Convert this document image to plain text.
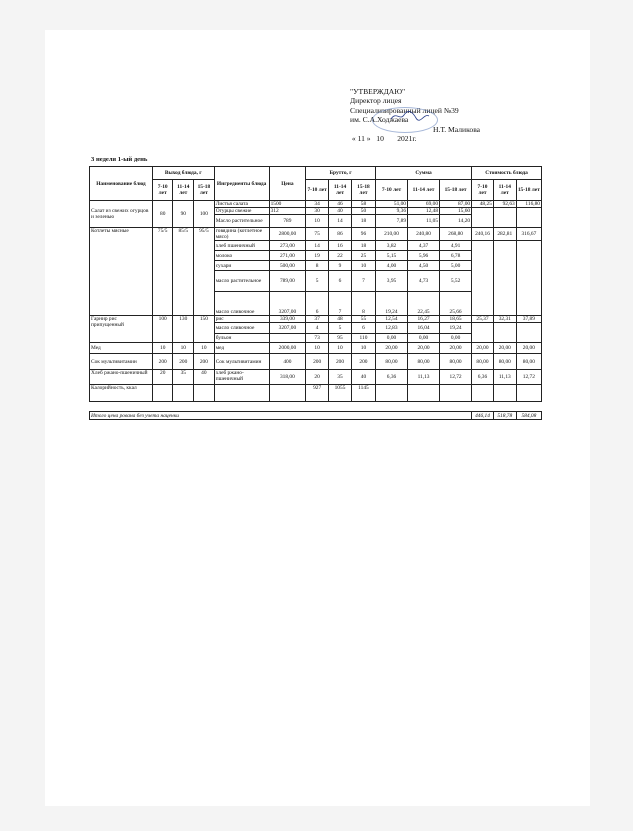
"УТВЕРЖДАЮ"
Директор лицея
Специализированный лицей №39
им. С.А.Ходжаева

Н.Т. Маликова
« 11 »   10 2021г.
3 неделя 1-ый день
Наименование блюд	Выход блюда, г			Ингредиенты блюда	Цена	Брутто, г			Сумма			Стоимость блюда		
	7-10 лет	11-14 лет	15-18 лет			7-10 лет	11-14 лет	15-18 лет	7-10 лет	11-14 лет	15-18 лет	7-10 лет	11-14 лет	15-18 лет
Салат из свежих огурцов и зеленью	80	90	100	Листья салата	1500	34	46	58	51,00	69,00	87,00	48,25	92,63	116,80
				Огурцы свежие	312	30	40	50	9,36	12,48	15,60			
				Масло растительное	789	10	14	18	7,89	11,05	14,20			
Котлеты мясные	75/5	85/5	95/5	говядина (котлетное мясо)	2800,00	75	86	96	210,00	240,80	268,80	240,16	282,81	316,67
				хлеб пшеничный	273,00	14	16	18	3,82	4,37	4,91			
				молоко	271,00	19	22	25	5,15	5,96	6,78			
				сухари	500,00	8	9	10	4,00	4,50	5,00			
				масло растительное	789,00	5	6	7	3,95	4,73	5,52			
				масло сливочное	3207,00	6	7	8	19,24	22,45	25,66			
Гарнир рис припущенный	100	130	150	рис	339,00	37	48	55	12,54	16,27	18,65	25,37	32,31	37,89
				масло сливочное	3207,00	4	5	6	12,83	16,04	19,24			
				бульон		73	95	110	0,00	0,00	0,00			
Мед	10	10	10	мед	2000,00	10	10	10	20,00	20,00	20,00	20,00	20,00	20,00
Сок мультивитамин	200	200	200	Сок мультивитамин	400	200	200	200	80,00	80,00	80,00	80,00	80,00	80,00
Хлеб ржано-пшеничный	20	35	40	хлеб ржано-пшеничный	318,00	20	35	40	6,36	11,13	12,72	6,36	11,13	12,72
Калорийность, ккал						927	1055	1145						

Итого цена рована без учета наценки												446,14	518,78	584,08
